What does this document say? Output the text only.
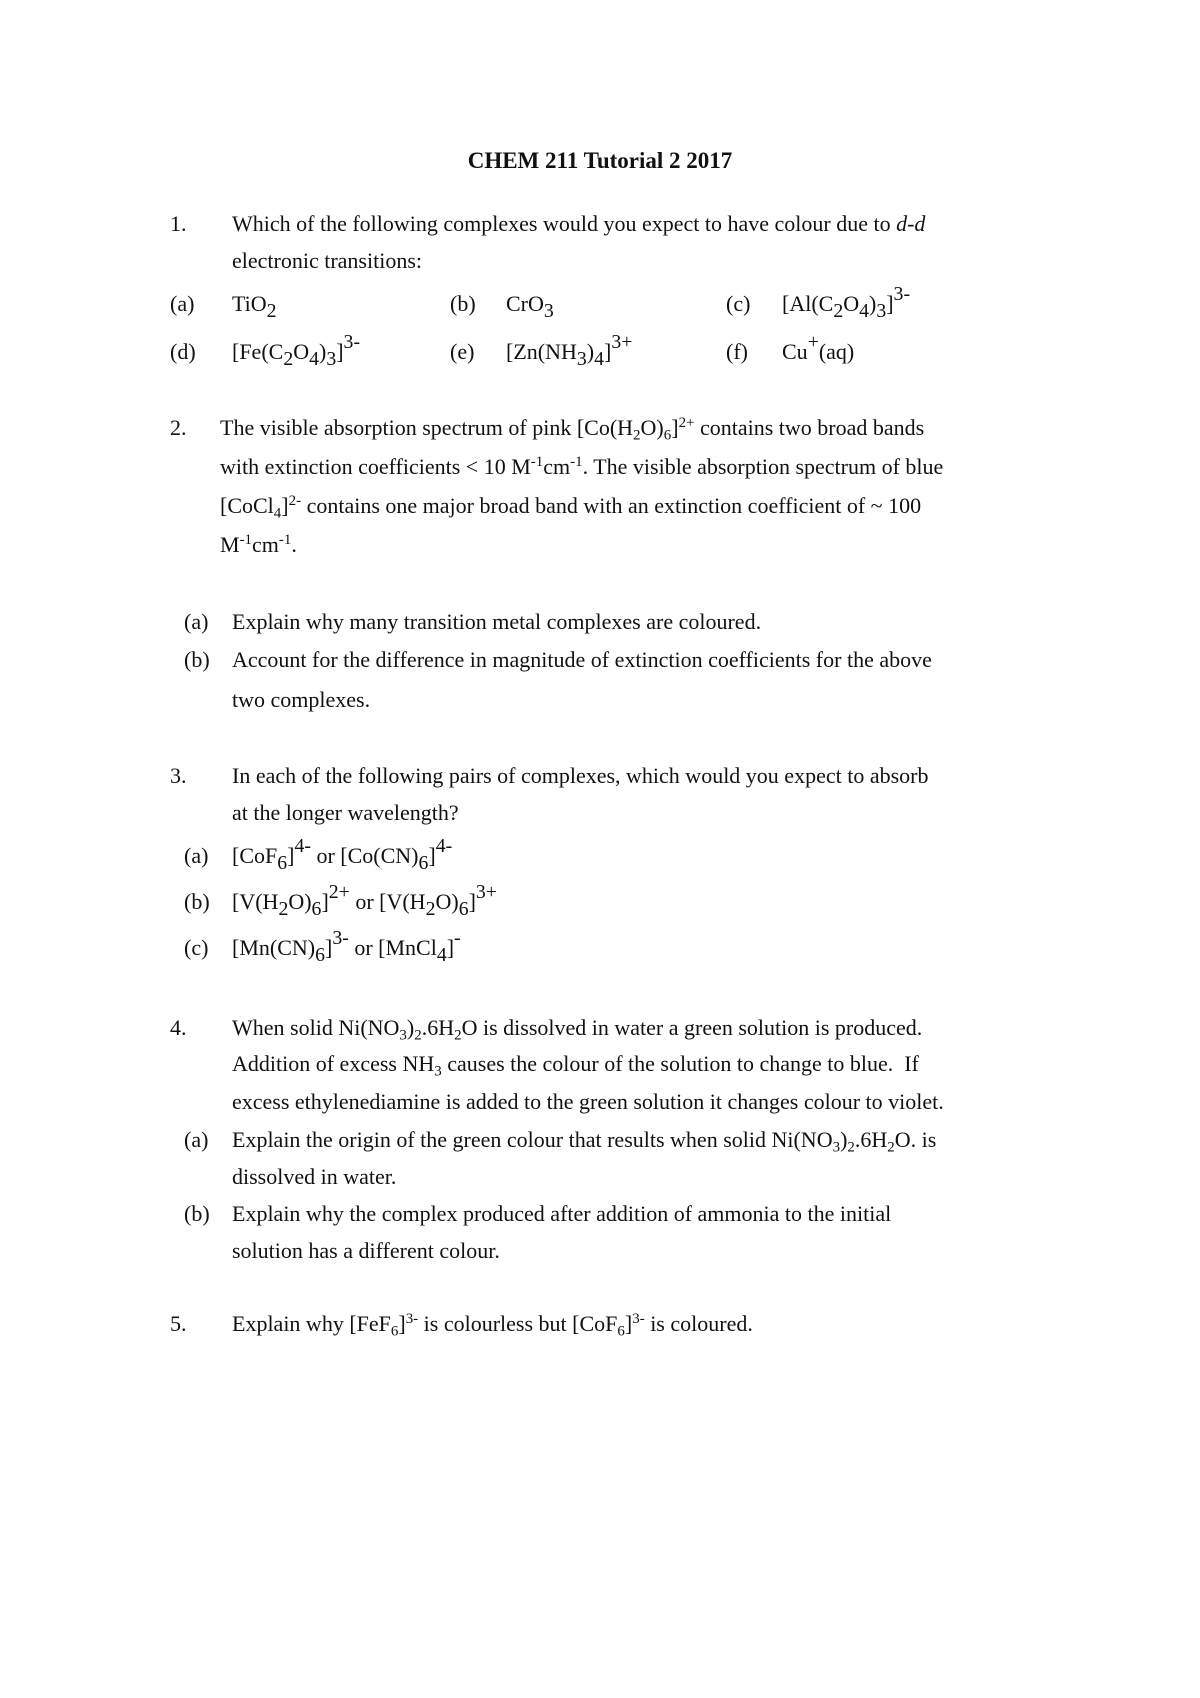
CHEM 211 Tutorial 2 2017
1. Which of the following complexes would you expect to have colour due to d-d
electronic transitions:
(a) TiO$_2$	(b) CrO$_3$	(c) $[Al(C_2O_4)_3]^{3-}$
(d) $[Fe(C_2O_4)_3]^{3-}$	(e) $[Zn(NH_3)_4]^{3+}$	(f) Cu+(aq)
2. The visible absorption spectrum of pink $[Co(H_2O)_6]^{2+}$ contains two broad bands
with extinction coefficients < 10 $M^{-1}cm^{-1}$. The visible absorption spectrum of blue
[CoCl$_4$]$^{2-}$ contains one major broad band with an extinction coefficient of ~ 100
$M^{-1}cm^{-1}$.
(a) Explain why many transition metal complexes are coloured.
(b) Account for the difference in magnitude of extinction coefficients for the above
two complexes.
3. In each of the following pairs of complexes, which would you expect to absorb
at the longer wavelength?
(a) $[CoF_6]^{4-}$ or $[Co(CN)_6]^{4-}$
(b) $[V(H_2O)_6]^{2+}$ or $[V(H_2O)_6]^{3+}$
(c) $[Mn(CN)_6]^{3-}$ or [MnCl$_4$]-
4. When solid $Ni(NO_3)_2.6H_2O$ is dissolved in water a green solution is produced.
Addition of excess $NH_3$ causes the colour of the solution to change to blue.  If
excess ethylenediamine is added to the green solution it changes colour to violet.
(a) Explain the origin of the green colour that results when solid $Ni(NO_3)_2.6H_2O$. is
dissolved in water.
(b) Explain why the complex produced after addition of ammonia to the initial
solution has a different colour.
5. Explain why $[FeF_6]^{3-}$ is colourless but $[CoF_6]^{3-}$ is coloured.
